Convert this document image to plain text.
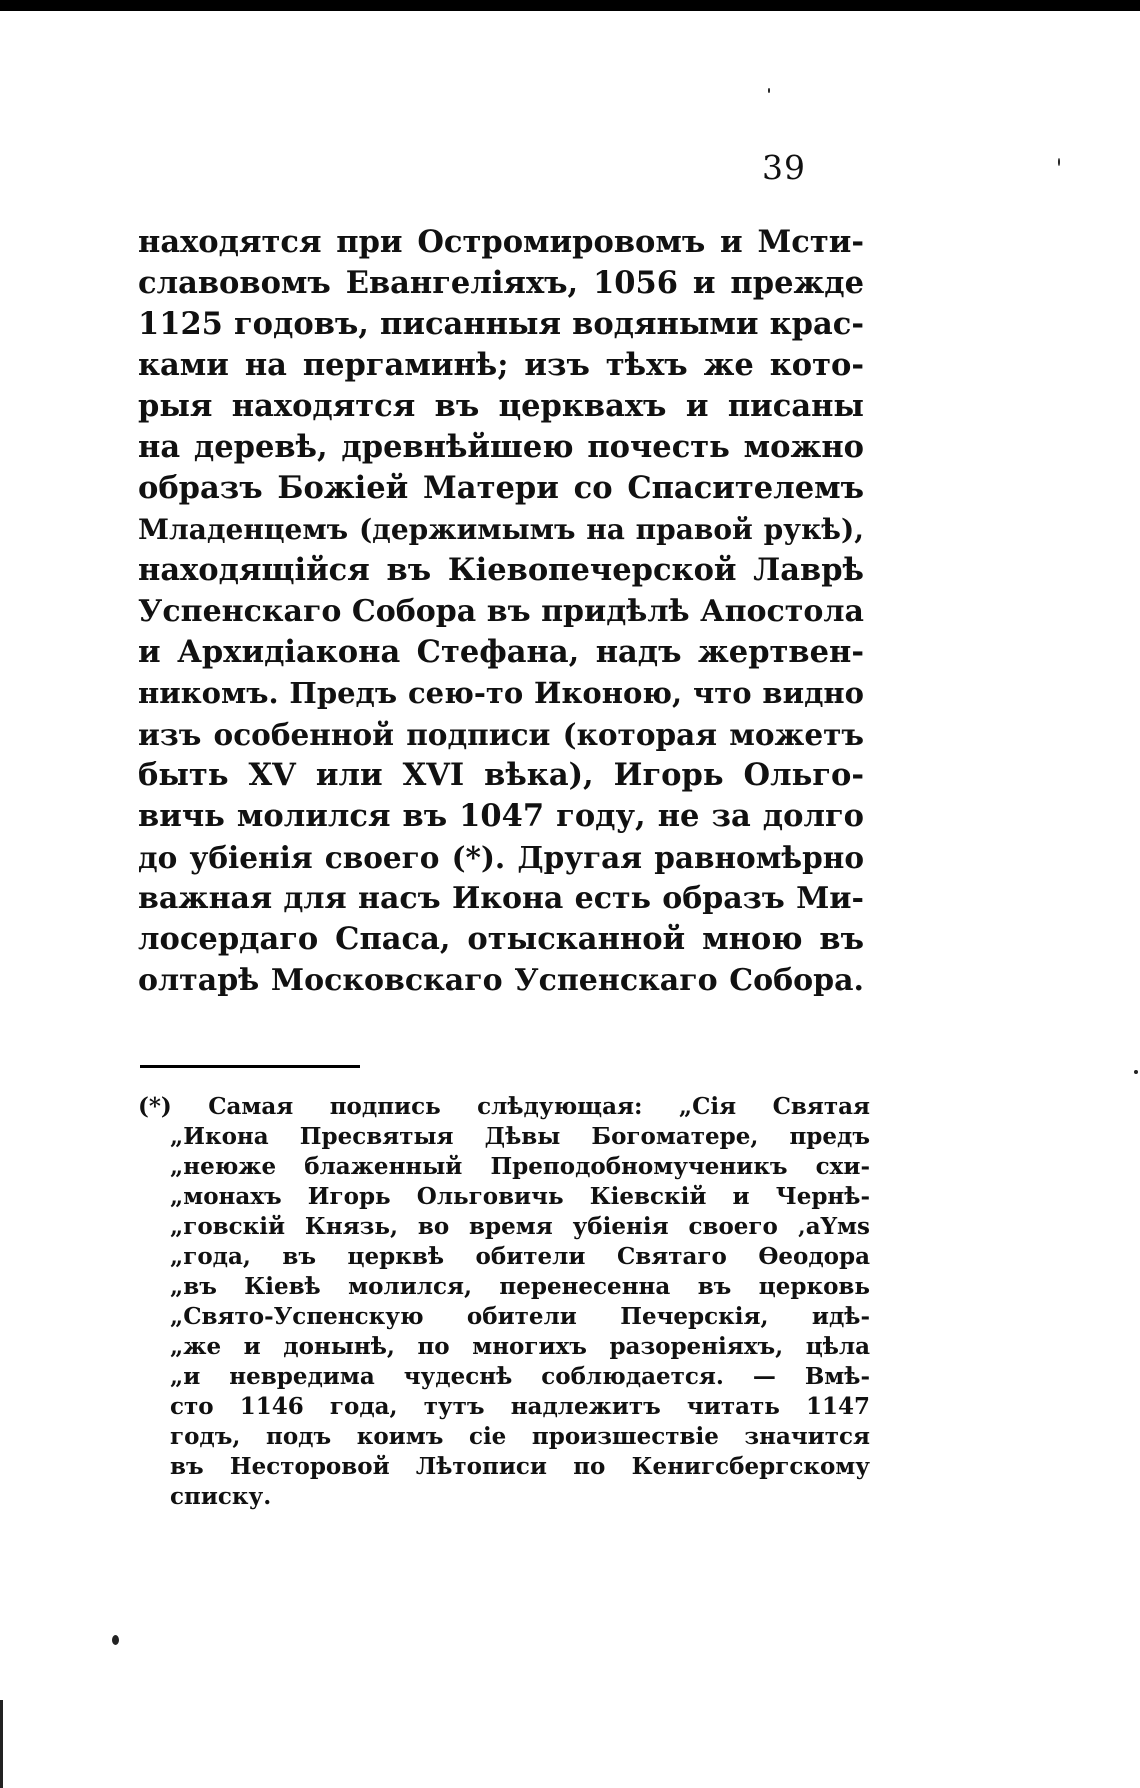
39
находятся при Остромировомъ и Мсти-
славовомъ Евангеліяхъ, 1056 и прежде
1125 годовъ, писанныя водяными крас-
ками на пергаминѣ; изъ тѣхъ же кото-
рыя находятся въ церквахъ и писаны
на деревѣ, древнѣйшею почесть можно
образъ Божіей Матери со Спасителемъ
Младенцемъ (держимымъ на правой рукѣ),
находящійся въ Кіевопечерской Лаврѣ
Успенскаго Собора въ придѣлѣ Апостола
и Архидіакона Стефана, надъ жертвен-
никомъ. Предъ сею-то Иконою, что видно
изъ особенной подписи (которая можетъ
быть XV или XVI вѣка), Игорь Ольго-
вичь молился въ 1047 году, не за долго
до убіенія своего (*). Другая равномѣрно
важная для насъ Икона есть образъ Ми-
лосердаго Спаса, отысканной мною въ
олтарѣ Московскаго Успенскаго Собора.
(*) Самая подпись слѣдующая: „Сія Святая
„Икона Пресвятыя Дѣвы Богоматере, предъ
„неюже блаженный Преподобномученикъ схи-
„монахъ Игорь Ольговичь Кіевскій и Чернѣ-
„говскій Князь, во время убіенія своего ‚аҮмѕ
„года, въ церквѣ обители Святаго Ѳеодора
„въ Кіевѣ молился, перенесенна въ церковь
„Свято-Успенскую обители Печерскія, идѣ-
„же и донынѣ, по многихъ разореніяхъ, цѣла
„и невредима чудеснѣ соблюдается. — Вмѣ-
сто 1146 года, тутъ надлежитъ читать 1147
годъ, подъ коимъ сіе произшествіе значится
въ Несторовой Лѣтописи по Кенигсбергскому
списку.
